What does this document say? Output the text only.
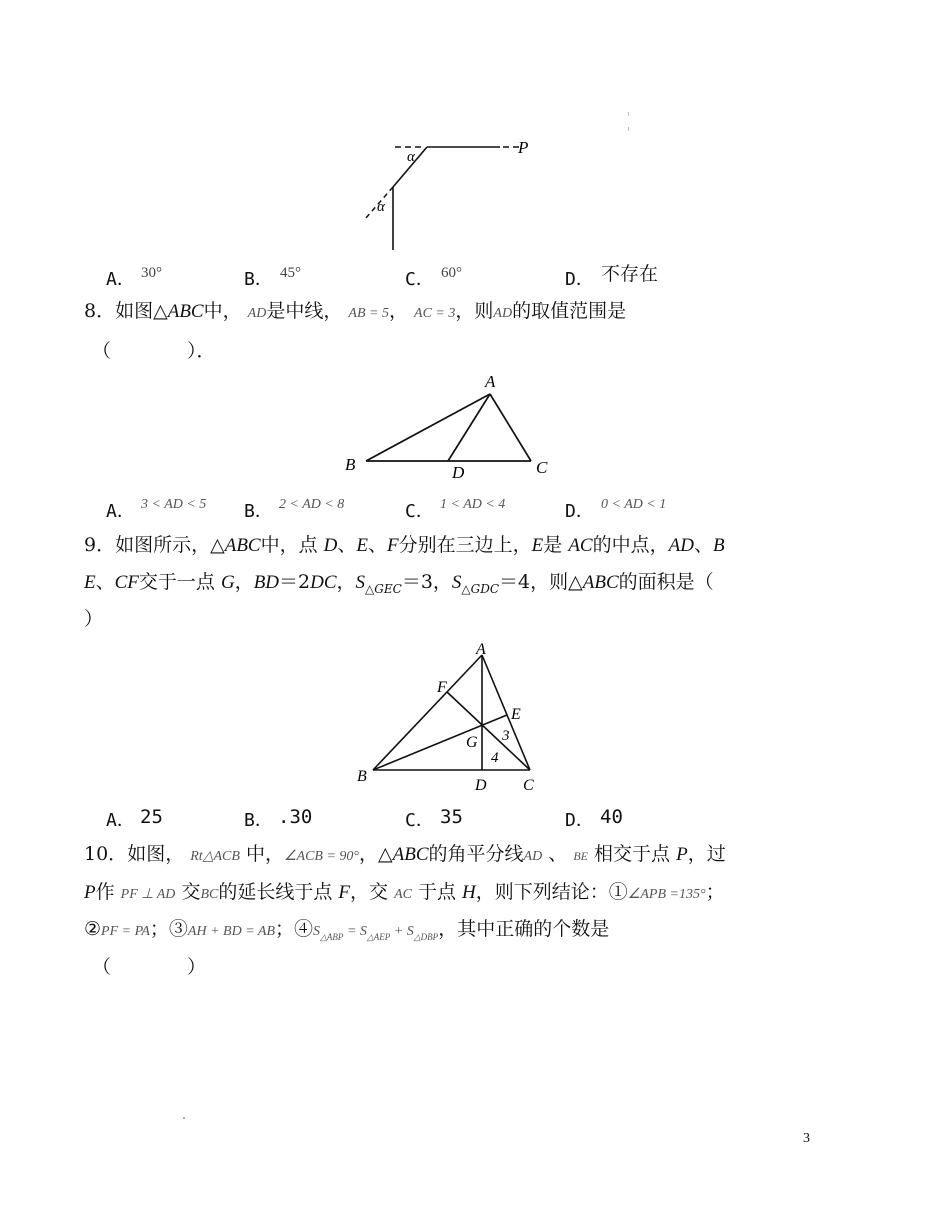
α
α
P
A． 30°	B． 45°	C． 60°	D． 不存在
8．如图△ABC中， AD是中线， AB = 5， AC = 3，则AD的取值范围是
（　　　　）．
A
B	C
D
A． 3 < AD < 5 B． 2 < AD < 8	C． 1 < AD < 4	D． 0 < AD < 1
9．如图所示，△ABC中，点 D、E、F分别在三边上，E是 AC的中点，AD、B
E、CF交于一点 G，BD＝2DC，$S_{\triangle GEC}=3$，$S_{\triangle GDC}=4$，则△ABC的面积是（
）
A
B
C
D
E
F
G 3
4
A． 25	B． .30	C． 35	D． 40
10．如图， Rt△ACB 中，∠ACB = 90°，△ABC的角平分线AD 、 BE 相交于点 P，过
P作 PF ⊥ AD 交BC的延长线于点 F，交 AC 于点 H，则下列结论：①∠APB =135°；
②PF = PA；③AH + BD = AB；$④S_{\triangle ABP} = S_{\triangle AEP} + S_{\triangle DBP}$，其中正确的个数是
（　　　　）
3
